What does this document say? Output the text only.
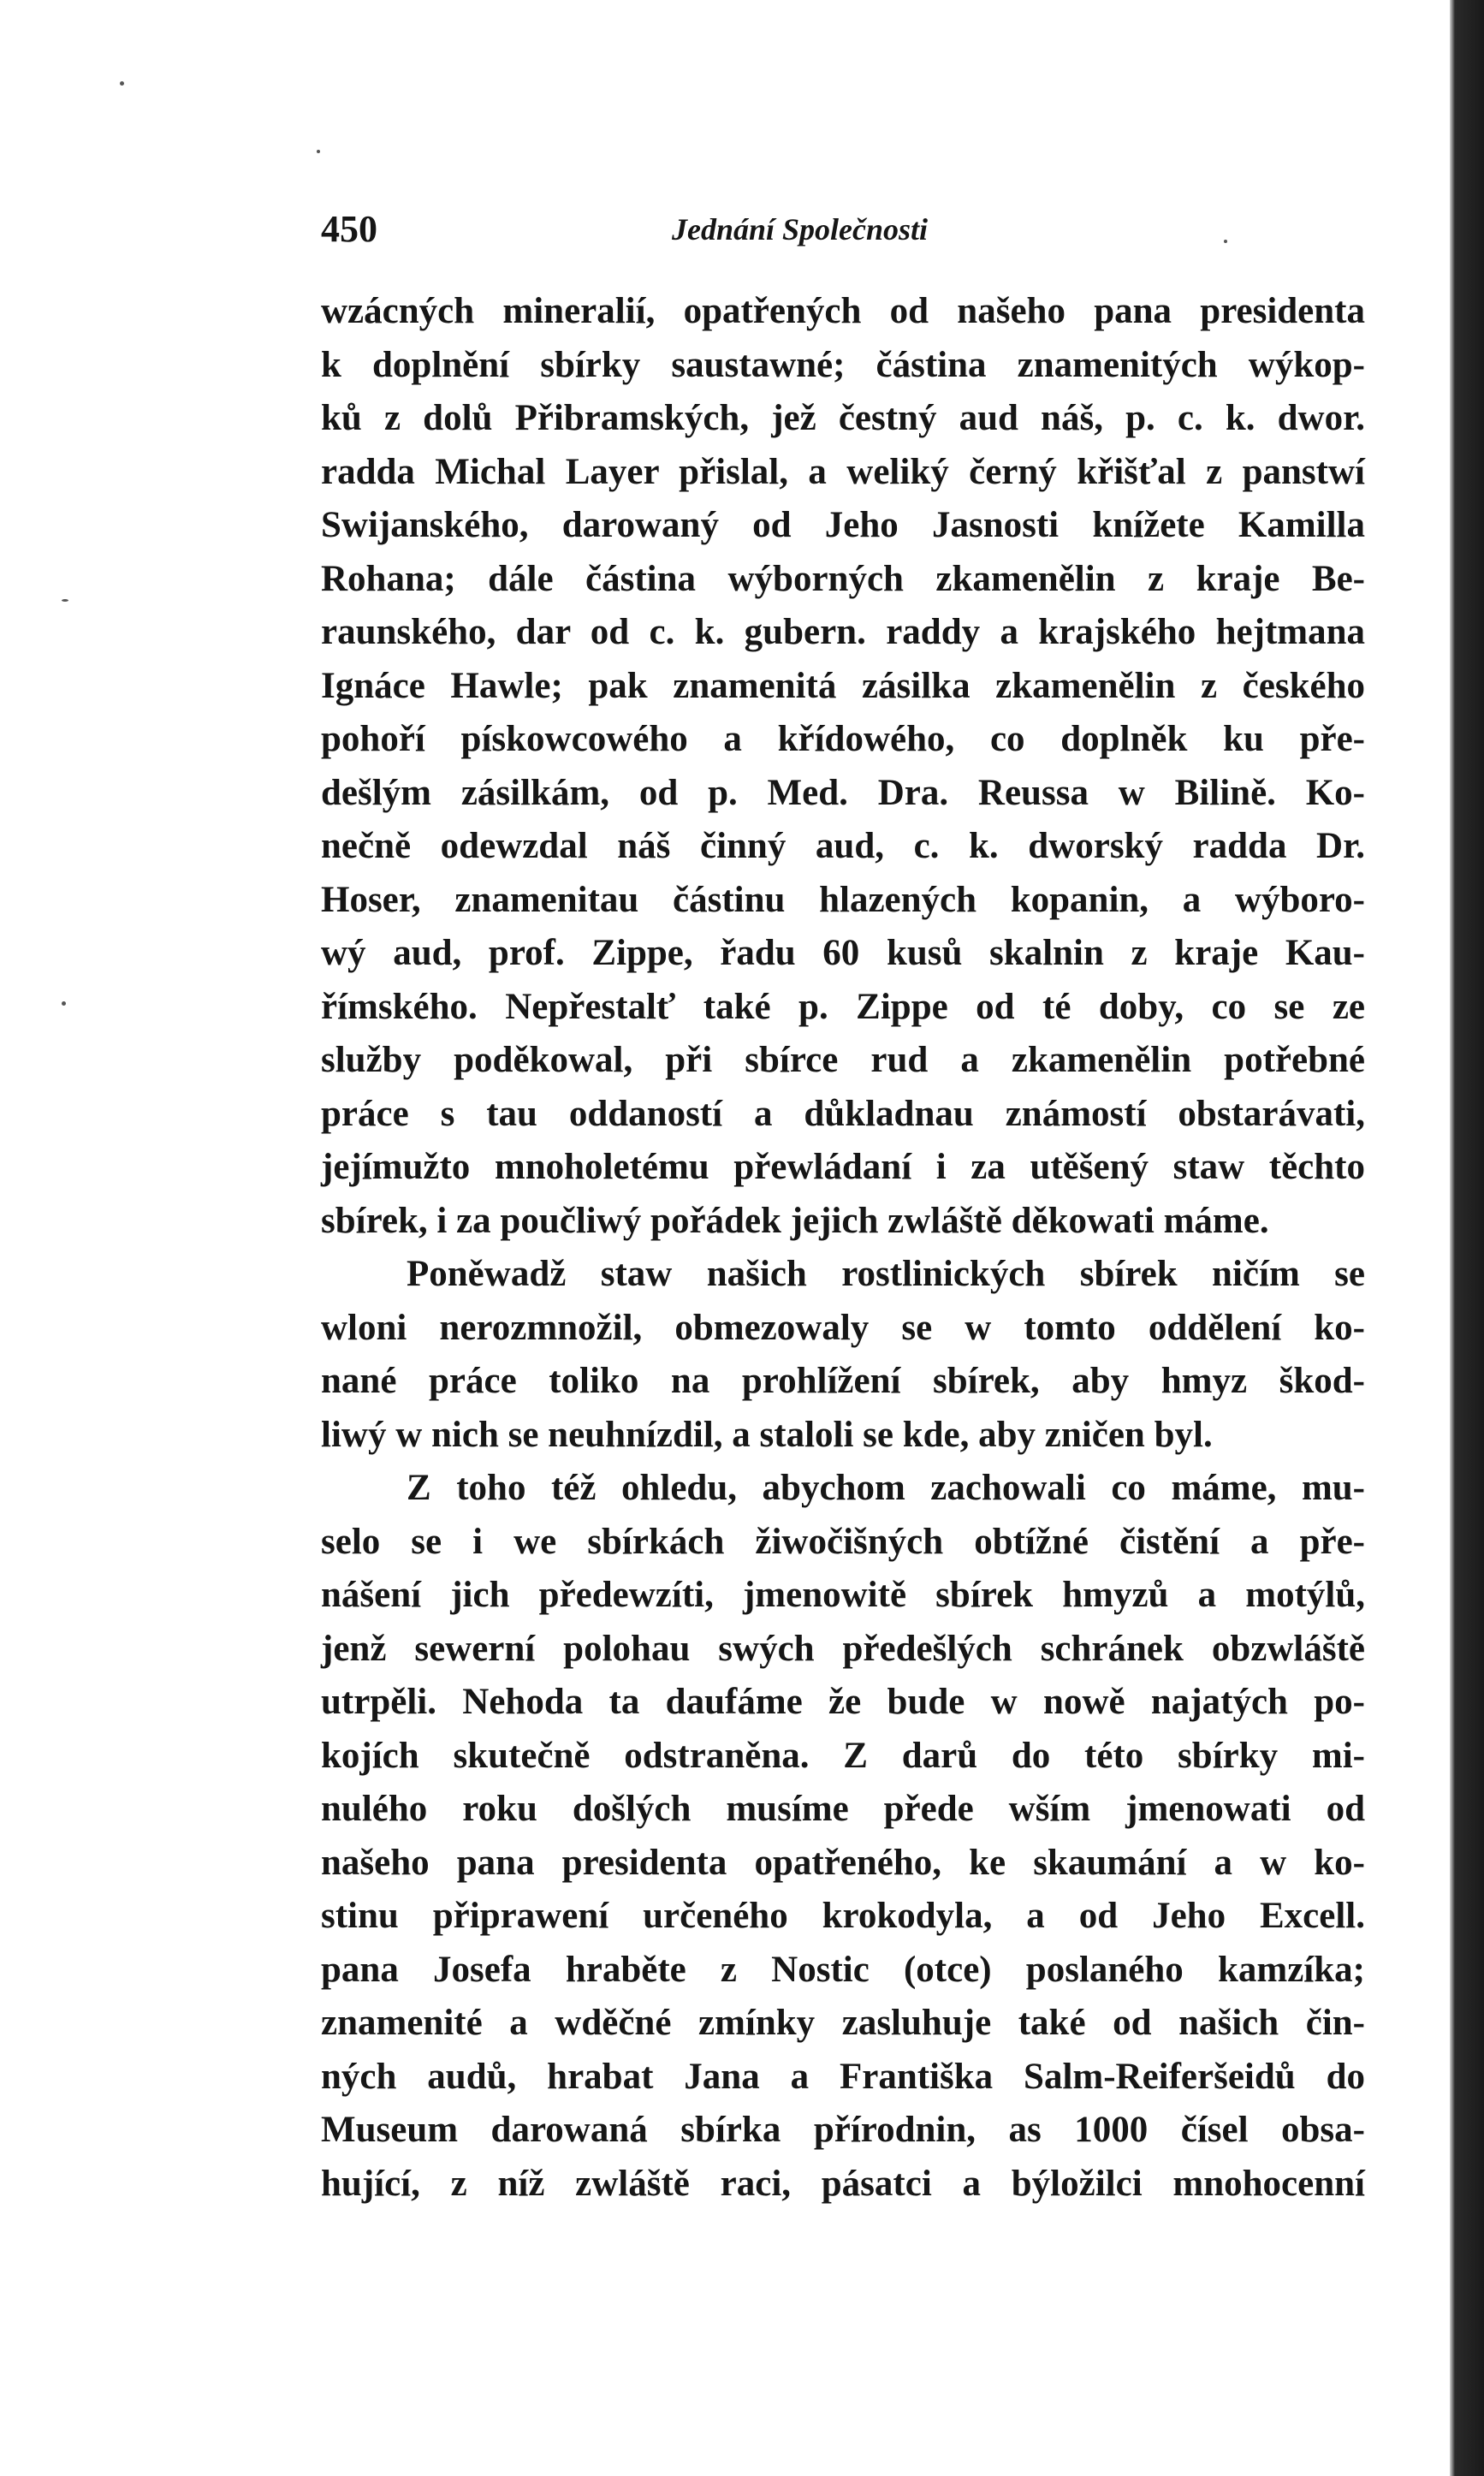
450	Jednání Společnosti
wzácných mineralií, opatřených od našeho pana presidenta
k doplnění sbírky saustawné; částina znamenitých wýkop-
ků z dolů Přibramských, jež čestný aud náš, p. c. k. dwor.
radda Michal Layer přislal, a weliký černý křišťal z panstwí
Swijanského, darowaný od Jeho Jasnosti knížete Kamilla
Rohana; dále částina wýborných zkamenělin z kraje Be-
raunského, dar od c. k. gubern. raddy a krajského hejtmana
Ignáce Hawle; pak znamenitá zásilka zkamenělin z českého
pohoří pískowcowého a křídowého, co doplněk ku pře-
dešlým zásilkám, od p. Med. Dra. Reussa w Bilině. Ko-
nečně odewzdal náš činný aud, c. k. dworský radda Dr.
Hoser, znamenitau částinu hlazených kopanin, a wýboro-
wý aud, prof. Zippe, řadu 60 kusů skalnin z kraje Kau-
římského. Nepřestalť také p. Zippe od té doby, co se ze
služby poděkowal, při sbírce rud a zkamenělin potřebné
práce s tau oddaností a důkladnau známostí obstarávati,
jejímužto mnoholetému přewládaní i za utěšený staw těchto
sbírek, i za poučliwý pořádek jejich zwláště děkowati máme.
Poněwadž staw našich rostlinických sbírek ničím se
wloni nerozmnožil, obmezowaly se w tomto oddělení ko-
nané práce toliko na prohlížení sbírek, aby hmyz škod-
liwý w nich se neuhnízdil, a staloli se kde, aby zničen byl.
Z toho též ohledu, abychom zachowali co máme, mu-
selo se i we sbírkách žiwočišných obtížné čistění a pře-
nášení jich předewzíti, jmenowitě sbírek hmyzů a motýlů,
jenž sewerní polohau swých předešlých schránek obzwláště
utrpěli. Nehoda ta daufáme že bude w nowě najatých po-
kojích skutečně odstraněna. Z darů do této sbírky mi-
nulého roku došlých musíme přede wším jmenowati od
našeho pana presidenta opatřeného, ke skaumání a w ko-
stinu připrawení určeného krokodyla, a od Jeho Excell.
pana Josefa hraběte z Nostic (otce) poslaného kamzíka;
znamenité a wděčné zmínky zasluhuje také od našich čin-
ných audů, hrabat Jana a Františka Salm-Reiferšeidů do
Museum darowaná sbírka přírodnin, as 1000 čísel obsa-
hující, z níž zwláště raci, pásatci a býložilci mnohocenní
